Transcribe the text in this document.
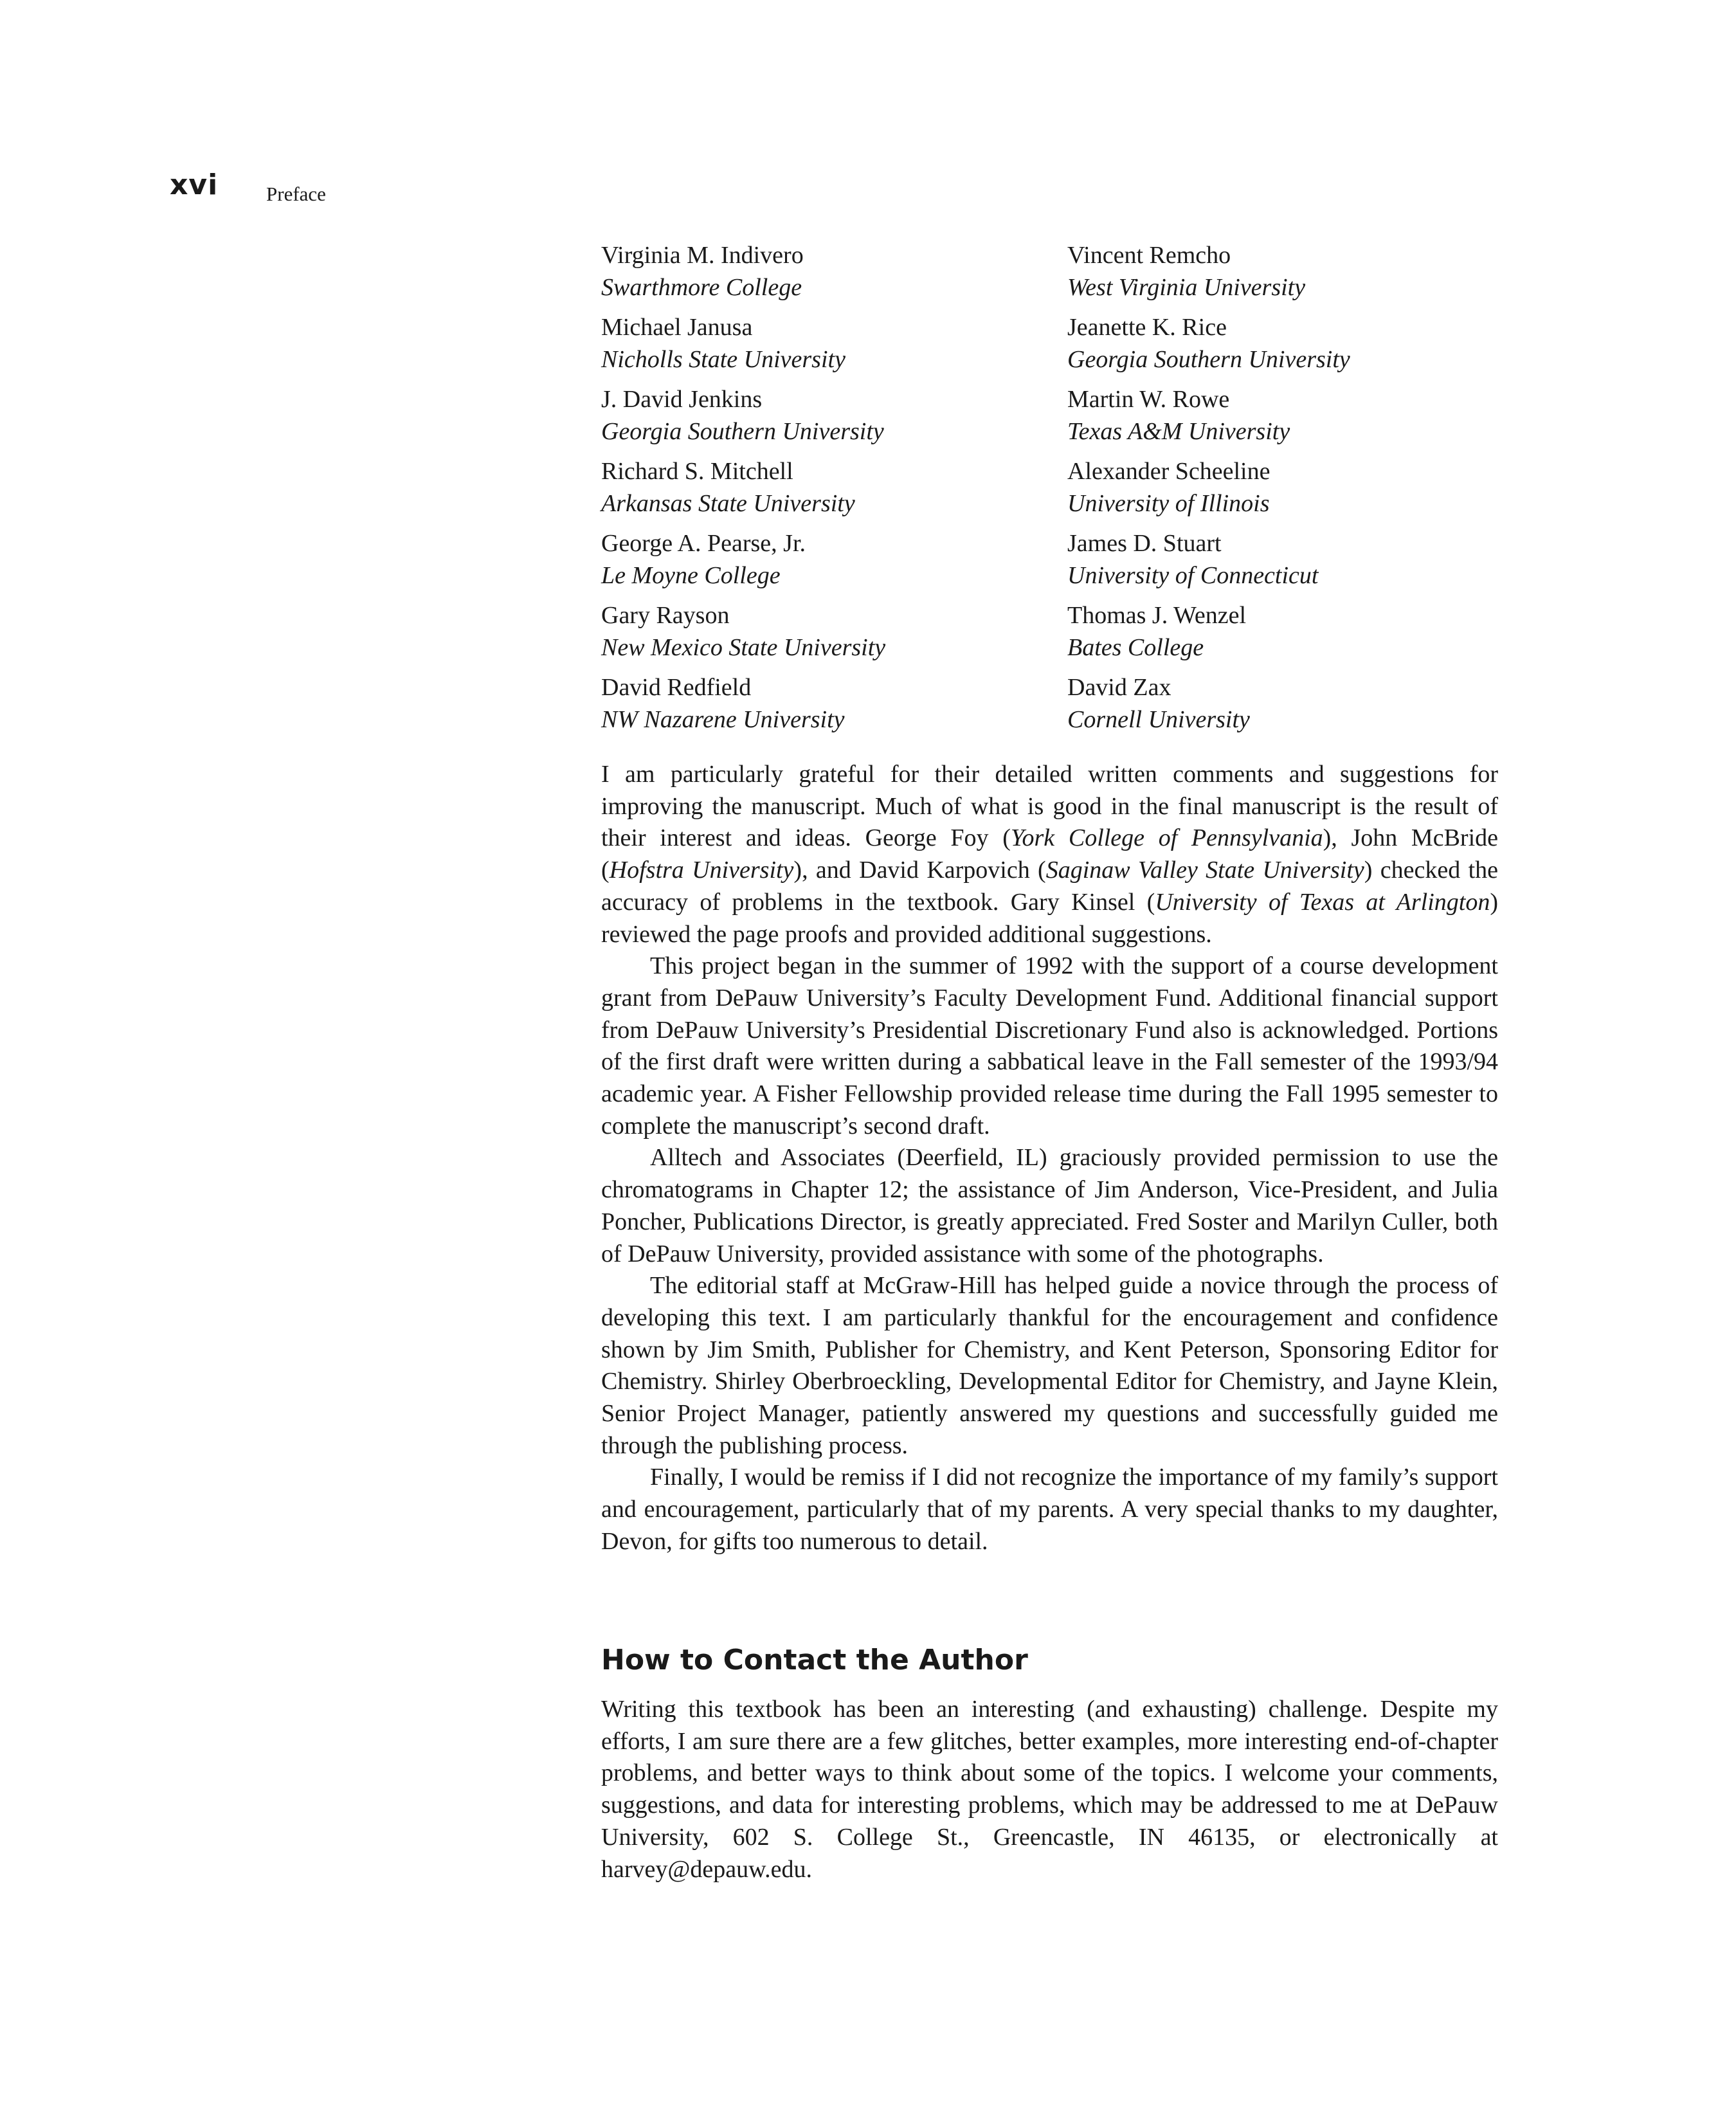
xvi Preface
Virginia M. Indivero
Swarthmore College
Michael Janusa
Nicholls State University
J. David Jenkins
Georgia Southern University
Richard S. Mitchell
Arkansas State University
George A. Pearse, Jr.
Le Moyne College
Gary Rayson
New Mexico State University
David Redfield
NW Nazarene University
Vincent Remcho
West Virginia University
Jeanette K. Rice
Georgia Southern University
Martin W. Rowe
Texas A&M University
Alexander Scheeline
University of Illinois
James D. Stuart
University of Connecticut
Thomas J. Wenzel
Bates College
David Zax
Cornell University

I am particularly grateful for their detailed written comments and suggestions for improving the manuscript. Much of what is good in the final manuscript is the result of their interest and ideas. George Foy (York College of Pennsylvania), John McBride (Hofstra University), and David Karpovich (Saginaw Valley State University) checked the accuracy of problems in the textbook. Gary Kinsel (University of Texas at Arlington) reviewed the page proofs and provided additional suggestions.

This project began in the summer of 1992 with the support of a course development grant from DePauw University’s Faculty Development Fund. Additional financial support from DePauw University’s Presidential Discretionary Fund also is acknowledged. Portions of the first draft were written during a sabbatical leave in the Fall semester of the 1993/94 academic year. A Fisher Fellowship provided release time during the Fall 1995 semester to complete the manuscript’s second draft.

Alltech and Associates (Deerfield, IL) graciously provided permission to use the chromatograms in Chapter 12; the assistance of Jim Anderson, Vice-President, and Julia Poncher, Publications Director, is greatly appreciated. Fred Soster and Marilyn Culler, both of DePauw University, provided assistance with some of the photographs.

The editorial staff at McGraw-Hill has helped guide a novice through the process of developing this text. I am particularly thankful for the encouragement and confidence shown by Jim Smith, Publisher for Chemistry, and Kent Peterson, Sponsoring Editor for Chemistry. Shirley Oberbroeckling, Developmental Editor for Chemistry, and Jayne Klein, Senior Project Manager, patiently answered my questions and successfully guided me through the publishing process.

Finally, I would be remiss if I did not recognize the importance of my family’s support and encouragement, particularly that of my parents. A very special thanks to my daughter, Devon, for gifts too numerous to detail.

How to Contact the Author

Writing this textbook has been an interesting (and exhausting) challenge. Despite my efforts, I am sure there are a few glitches, better examples, more interesting end-of-chapter problems, and better ways to think about some of the topics. I welcome your comments, suggestions, and data for interesting problems, which may be addressed to me at DePauw University, 602 S. College St., Greencastle, IN 46135, or electronically at harvey@depauw.edu.
